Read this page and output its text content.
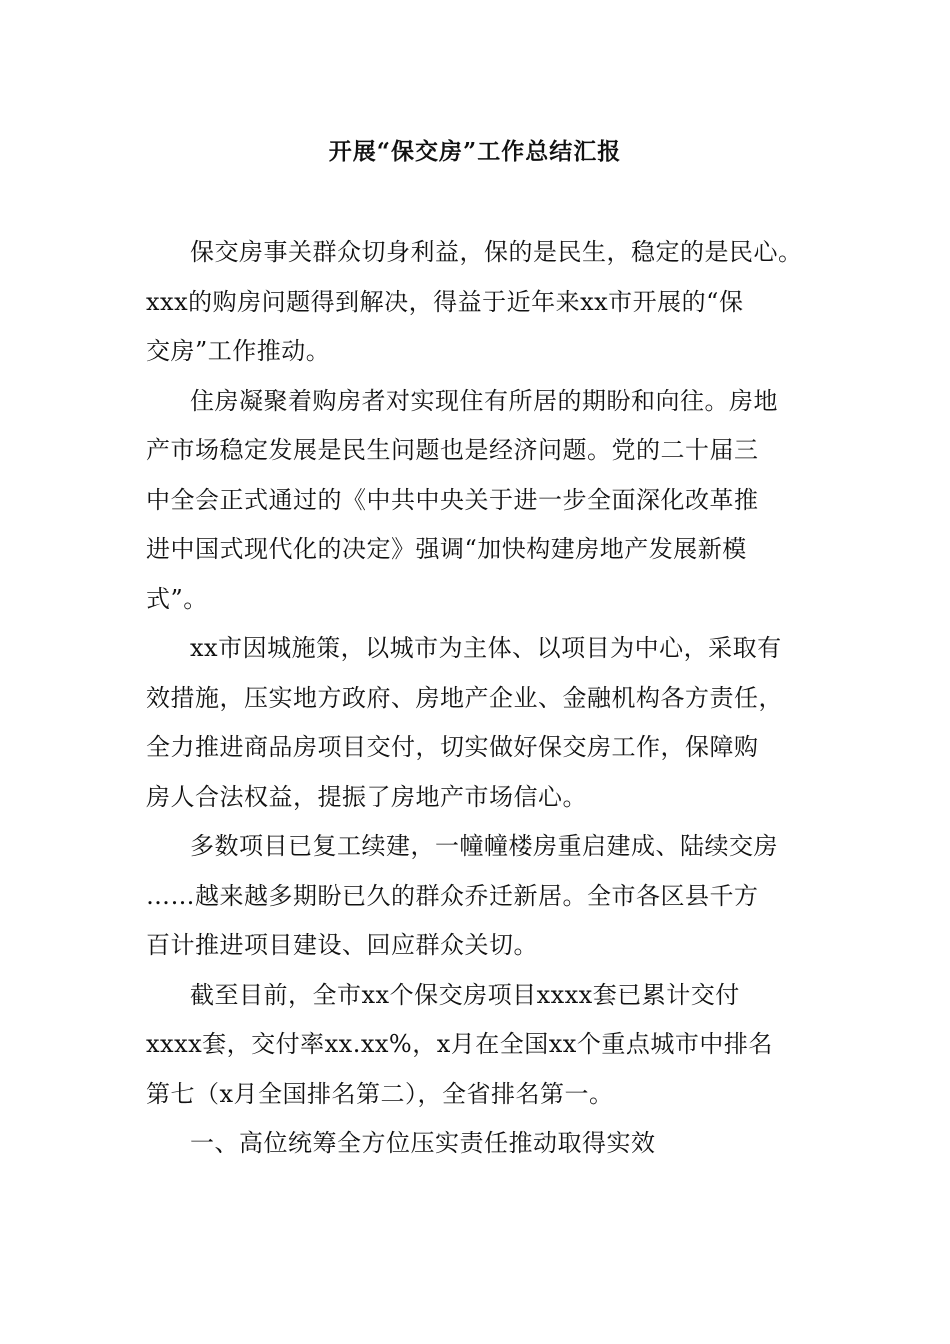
开展“保交房”工作总结汇报
保交房事关群众切身利益，保的是民生，稳定的是民心。
xxx的购房问题得到解决，得益于近年来xx市开展的“保
交房”工作推动。
住房凝聚着购房者对实现住有所居的期盼和向往。房地
产市场稳定发展是民生问题也是经济问题。党的二十届三
中全会正式通过的《中共中央关于进一步全面深化改革推
进中国式现代化的决定》强调“加快构建房地产发展新模
式”。
xx市因城施策，以城市为主体、以项目为中心，采取有
效措施，压实地方政府、房地产企业、金融机构各方责任，
全力推进商品房项目交付，切实做好保交房工作，保障购
房人合法权益，提振了房地产市场信心。
多数项目已复工续建，一幢幢楼房重启建成、陆续交房
……越来越多期盼已久的群众乔迁新居。全市各区县千方
百计推进项目建设、回应群众关切。
截至目前，全市xx个保交房项目xxxx套已累计交付
xxxx套，交付率xx.xx%，x月在全国xx个重点城市中排名
第七（x月全国排名第二），全省排名第一。
一、高位统筹全方位压实责任推动取得实效
